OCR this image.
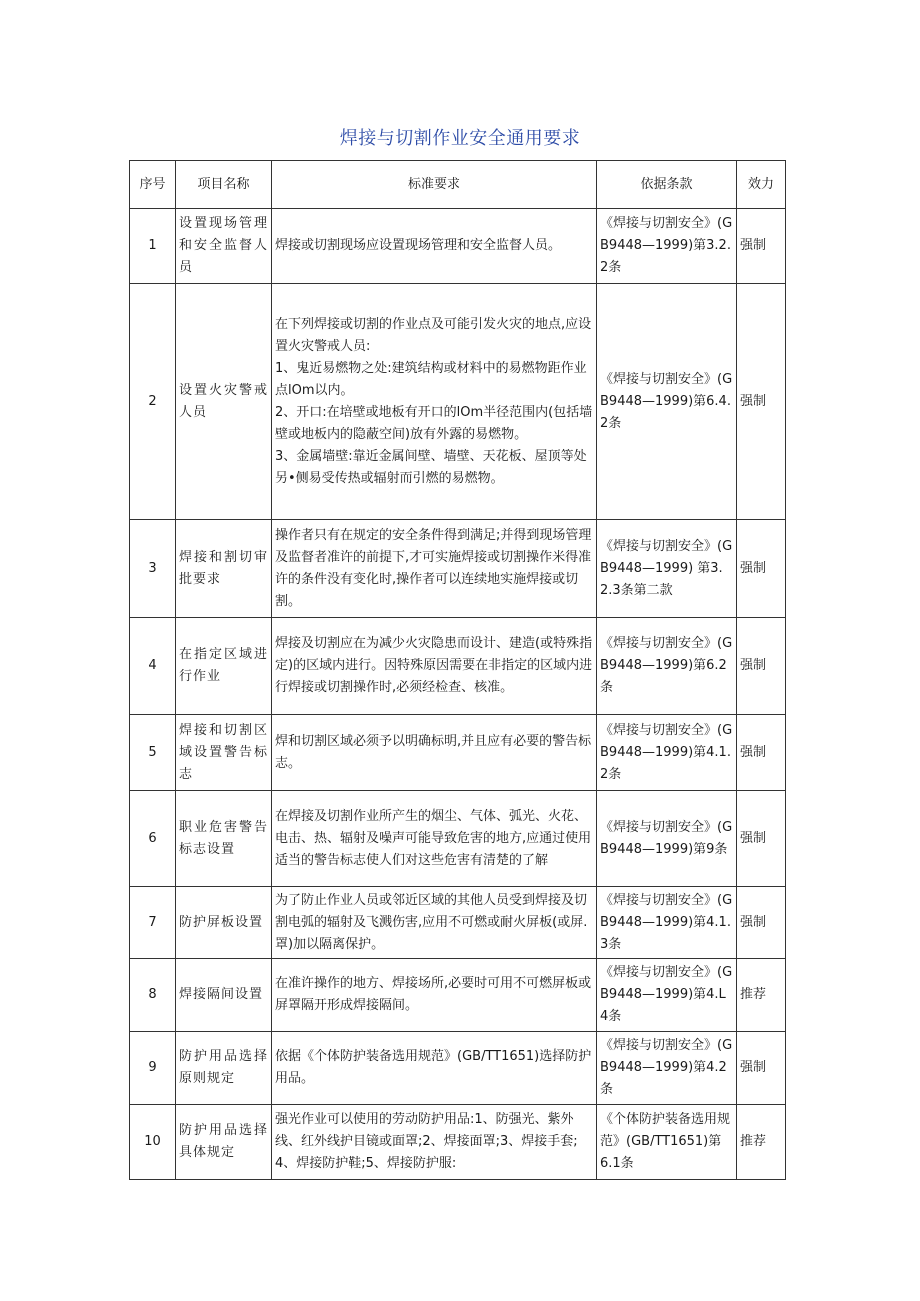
焊接与切割作业安全通用要求
序号	项目名称	标准要求	依据条款	效力
1	设置现场管理和安全监督人员	焊接或切割现场应设置现场管理和安全监督人员。	《焊接与切割安全》(GB9448—1999)第3.2.2条	强制
2	设置火灾警戒人员	在下列焊接或切割的作业点及可能引发火灾的地点,应设置火灾警戒人员:
1、鬼近易燃物之处:建筑结构或材料中的易燃物距作业点lOm以内。
2、开口:在培壁或地板有开口的lOm半径范围内(包括墙壁或地板内的隐蔽空间)放有外露的易燃物。
3、金属墙壁:靠近金属间壁、墙壁、天花板、屋顶等处另•侧易受传热或辐射而引燃的易燃物。	《焊接与切割安全》(GB9448—1999)第6.4.2条	强制
3	焊接和割切审批要求	操作者只有在规定的安全条件得到满足;并得到现场管理及监督者准许的前提下,才可实施焊接或切割操作米得准许的条件没有变化时,操作者可以连续地实施焊接或切割。	《焊接与切割安全》(GB9448—1999) 第3.2.3条第二款	强制
4	在指定区域进行作业	焊接及切割应在为减少火灾隐患而设计、建造(或特殊指定)的区域内进行。因特殊原因需要在非指定的区域内进行焊接或切割操作时,必须经检查、核准。	《焊接与切割安全》(GB9448—1999)第6.2条	强制
5	焊接和切割区域设置警告标志	焊和切割区域必须予以明确标明,并且应有必要的警告标志。	《焊接与切割安全》(GB9448—1999)第4.1.2条	强制
6	职业危害警告标志设置	在焊接及切割作业所产生的烟尘、气体、弧光、火花、电击、热、辐射及噪声可能导致危害的地方,应通过使用适当的警告标志使人们对这些危害有清楚的了解	《焊接与切割安全》(GB9448—1999)第9条	强制
7	防护屏板设置	为了防止作业人员或邻近区域的其他人员受到焊接及切割电弧的辐射及飞溅伤害,应用不可燃或耐火屏板(或屏.罩)加以隔离保护。	《焊接与切割安全》(GB9448—1999)第4.1.3条	强制
8	焊接隔间设置	在准许操作的地方、焊接场所,必要时可用不可燃屏板或屏罩隔开形成焊接隔间。	《焊接与切割安全》(GB9448—1999)第4.L4条	推荐
9	防护用品选择原则规定	依据《个体防护装备选用规范》(GB/TT1651)选择防护用品。	《焊接与切割安全》(GB9448—1999)第4.2条	强制
10	防护用品选择具体规定	强光作业可以使用的劳动防护用品:1、防强光、紫外线、红外线护目镜或面罩;2、焊接面罩;3、焊接手套;4、焊接防护鞋;5、焊接防护服:	《个体防护装备选用规范》(GB/TT1651)第6.1条	推荐
